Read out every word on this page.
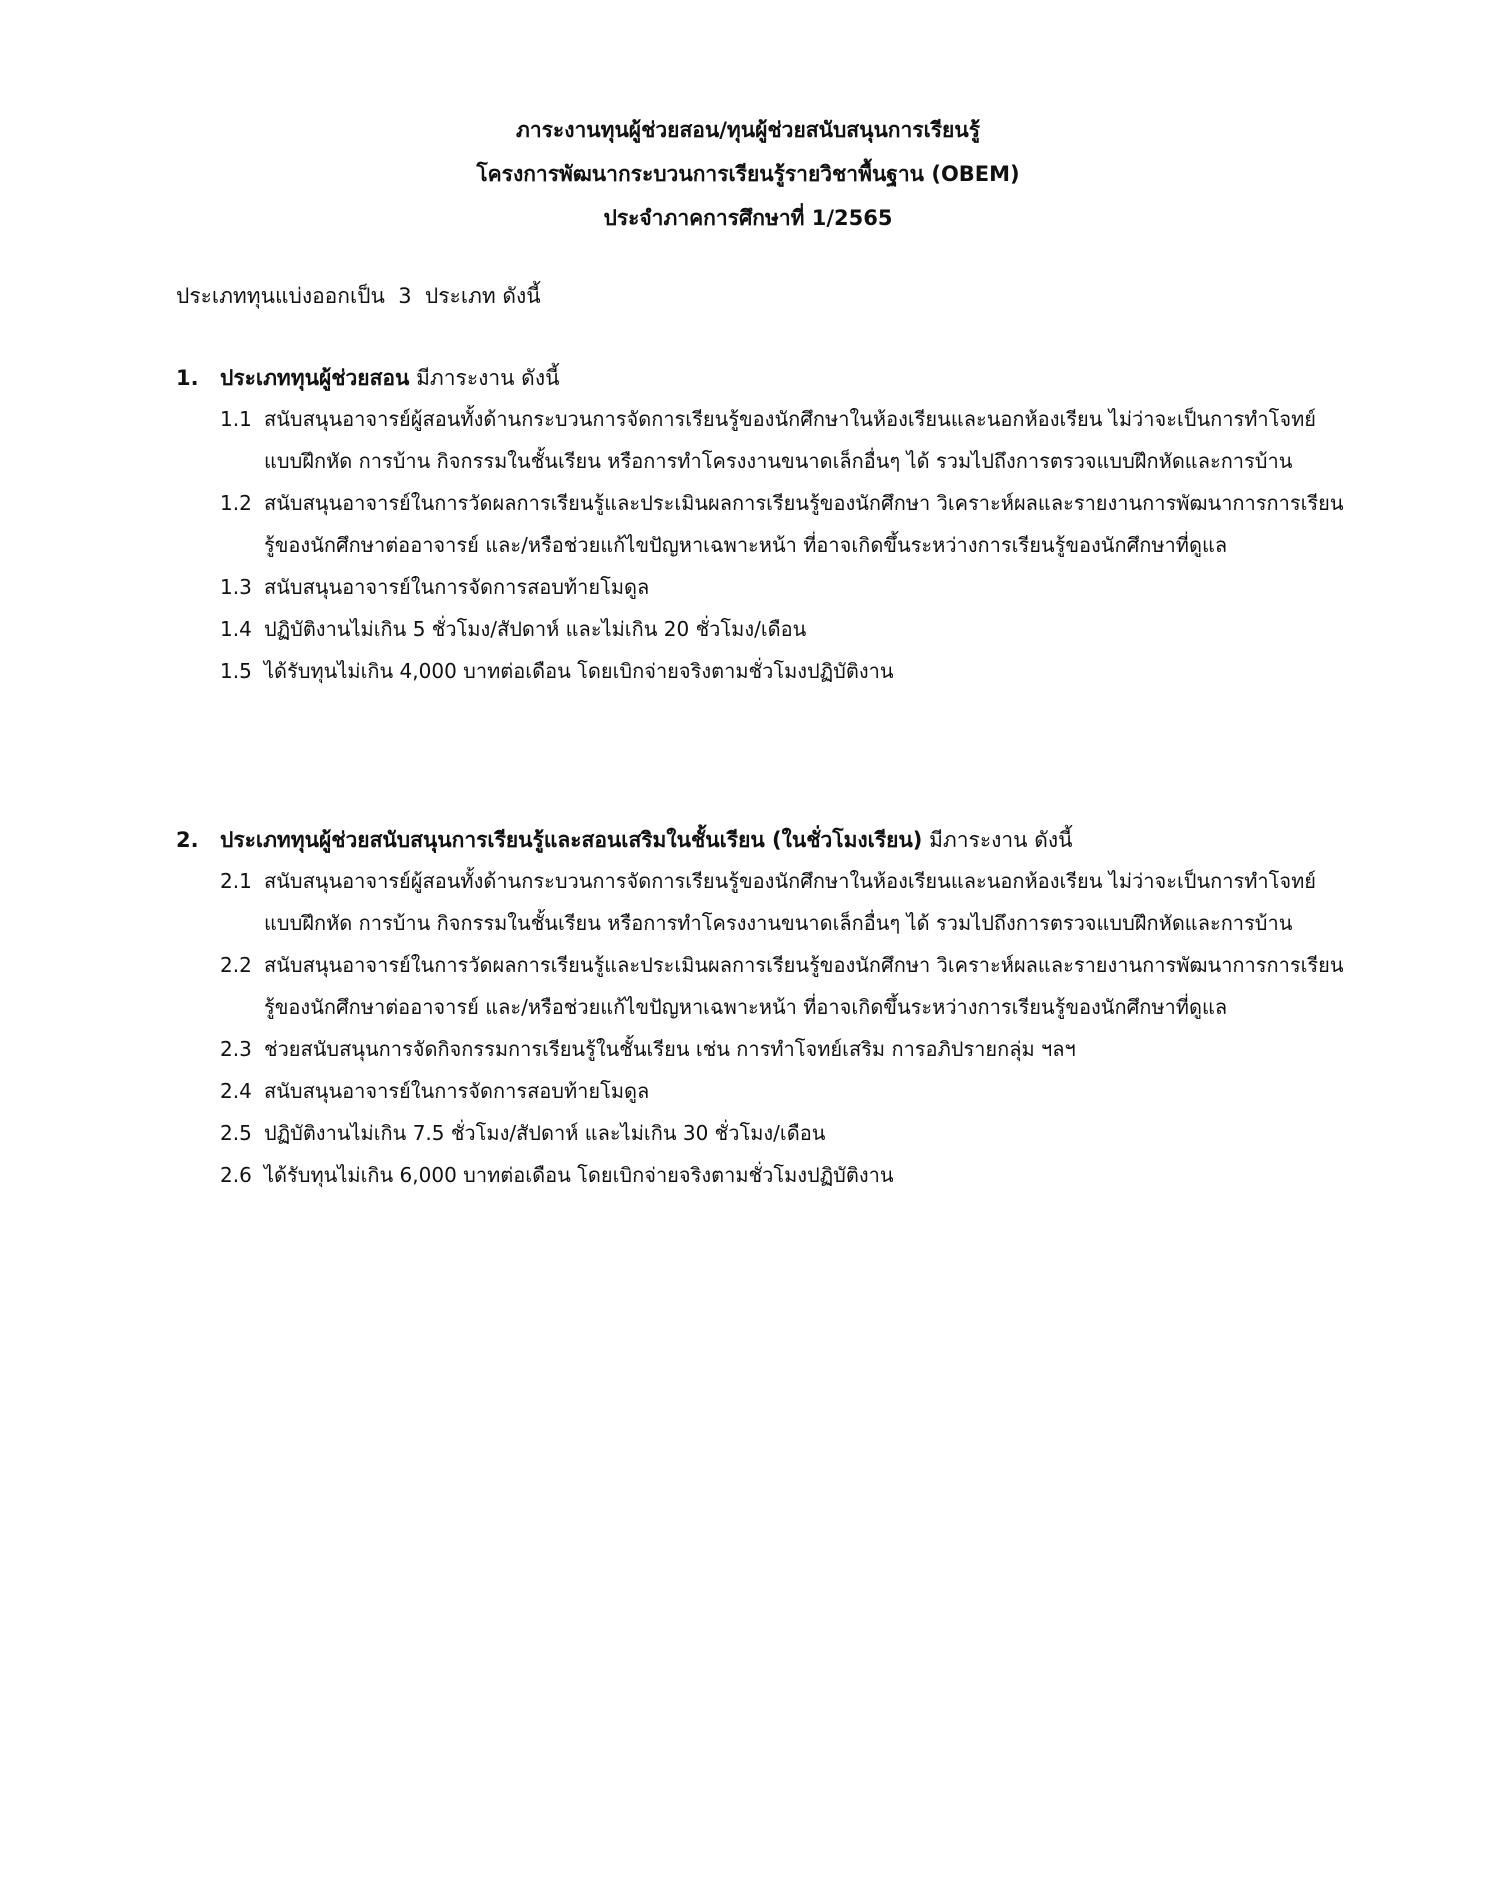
ภาระงานทุนผู้ช่วยสอน/ทุนผู้ช่วยสนับสนุนการเรียนรู้
โครงการพัฒนากระบวนการเรียนรู้รายวิชาพื้นฐาน (OBEM)
ประจำภาคการศึกษาที่ 1/2565
ประเภททุนแบ่งออกเป็น  3  ประเภท ดังนี้
1. ประเภททุนผู้ช่วยสอน มีภาระงาน ดังนี้
1.1 สนับสนุนอาจารย์ผู้สอนทั้งด้านกระบวนการจัดการเรียนรู้ของนักศึกษาในห้องเรียนและนอกห้องเรียน ไม่ว่าจะเป็นการทำโจทย์ แบบฝึกหัด การบ้าน กิจกรรมในชั้นเรียน หรือการทำโครงงานขนาดเล็กอื่นๆ ได้ รวมไปถึงการตรวจแบบฝึกหัดและการบ้าน
1.2 สนับสนุนอาจารย์ในการวัดผลการเรียนรู้และประเมินผลการเรียนรู้ของนักศึกษา วิเคราะห์ผลและรายงานการพัฒนาการการเรียนรู้ของนักศึกษาต่ออาจารย์ และ/หรือช่วยแก้ไขปัญหาเฉพาะหน้า ที่อาจเกิดขึ้นระหว่างการเรียนรู้ของนักศึกษาที่ดูแล
1.3 สนับสนุนอาจารย์ในการจัดการสอบท้ายโมดูล
1.4 ปฏิบัติงานไม่เกิน 5 ชั่วโมง/สัปดาห์ และไม่เกิน 20 ชั่วโมง/เดือน
1.5 ได้รับทุนไม่เกิน 4,000 บาทต่อเดือน โดยเบิกจ่ายจริงตามชั่วโมงปฏิบัติงาน
2. ประเภททุนผู้ช่วยสนับสนุนการเรียนรู้และสอนเสริมในชั้นเรียน (ในชั่วโมงเรียน) มีภาระงาน ดังนี้
2.1 สนับสนุนอาจารย์ผู้สอนทั้งด้านกระบวนการจัดการเรียนรู้ของนักศึกษาในห้องเรียนและนอกห้องเรียน ไม่ว่าจะเป็นการทำโจทย์ แบบฝึกหัด การบ้าน กิจกรรมในชั้นเรียน หรือการทำโครงงานขนาดเล็กอื่นๆ ได้ รวมไปถึงการตรวจแบบฝึกหัดและการบ้าน
2.2 สนับสนุนอาจารย์ในการวัดผลการเรียนรู้และประเมินผลการเรียนรู้ของนักศึกษา วิเคราะห์ผลและรายงานการพัฒนาการการเรียนรู้ของนักศึกษาต่ออาจารย์ และ/หรือช่วยแก้ไขปัญหาเฉพาะหน้า ที่อาจเกิดขึ้นระหว่างการเรียนรู้ของนักศึกษาที่ดูแล
2.3 ช่วยสนับสนุนการจัดกิจกรรมการเรียนรู้ในชั้นเรียน เช่น การทำโจทย์เสริม การอภิปรายกลุ่ม ฯลฯ
2.4 สนับสนุนอาจารย์ในการจัดการสอบท้ายโมดูล
2.5 ปฏิบัติงานไม่เกิน 7.5 ชั่วโมง/สัปดาห์ และไม่เกิน 30 ชั่วโมง/เดือน
2.6 ได้รับทุนไม่เกิน 6,000 บาทต่อเดือน โดยเบิกจ่ายจริงตามชั่วโมงปฏิบัติงาน
